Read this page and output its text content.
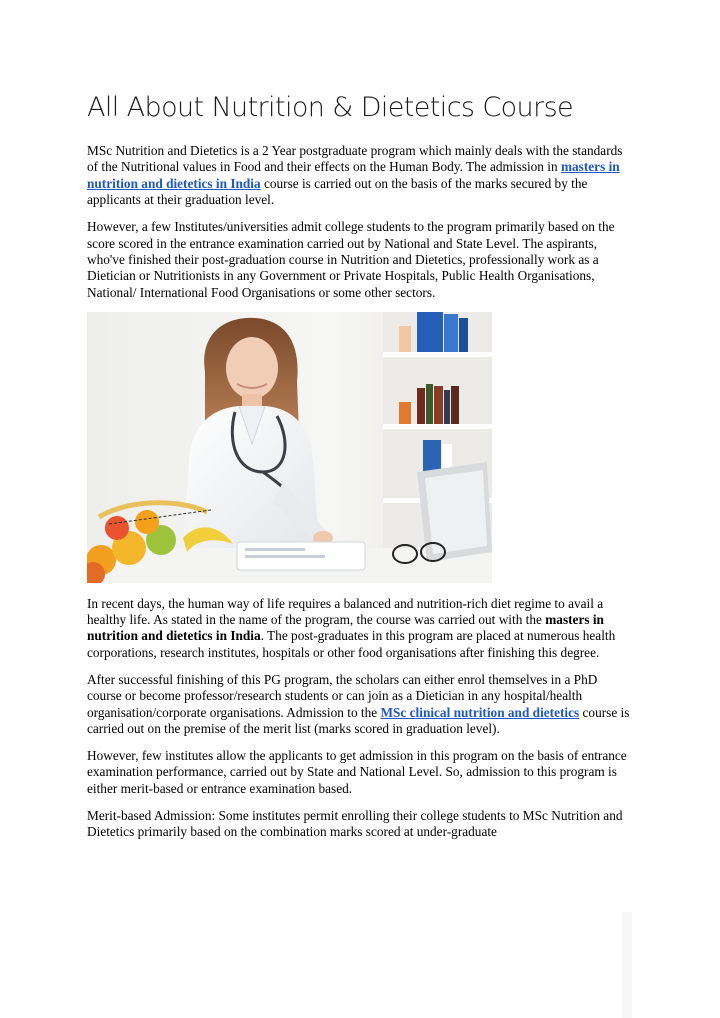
All About Nutrition & Dietetics Course

MSc Nutrition and Dietetics is a 2 Year postgraduate program which mainly deals with the standards of the Nutritional values in Food and their effects on the Human Body. The admission in masters in nutrition and dietetics in India course is carried out on the basis of the marks secured by the applicants at their graduation level.

However, a few Institutes/universities admit college students to the program primarily based on the score scored in the entrance examination carried out by National and State Level. The aspirants, who've finished their post-graduation course in Nutrition and Dietetics, professionally work as a Dietician or Nutritionists in any Government or Private Hospitals, Public Health Organisations, National/ International Food Organisations or some other sectors.

In recent days, the human way of life requires a balanced and nutrition-rich diet regime to avail a healthy life. As stated in the name of the program, the course was carried out with the masters in nutrition and dietetics in India. The post-graduates in this program are placed at numerous health corporations, research institutes, hospitals or other food organisations after finishing this degree.

After successful finishing of this PG program, the scholars can either enrol themselves in a PhD course or become professor/research students or can join as a Dietician in any hospital/health organisation/corporate organisations. Admission to the MSc clinical nutrition and dietetics course is carried out on the premise of the merit list (marks scored in graduation level).

However, few institutes allow the applicants to get admission in this program on the basis of entrance examination performance, carried out by State and National Level. So, admission to this program is either merit-based or entrance examination based.

Merit-based Admission: Some institutes permit enrolling their college students to MSc Nutrition and Dietetics primarily based on the combination marks scored at under-graduate
